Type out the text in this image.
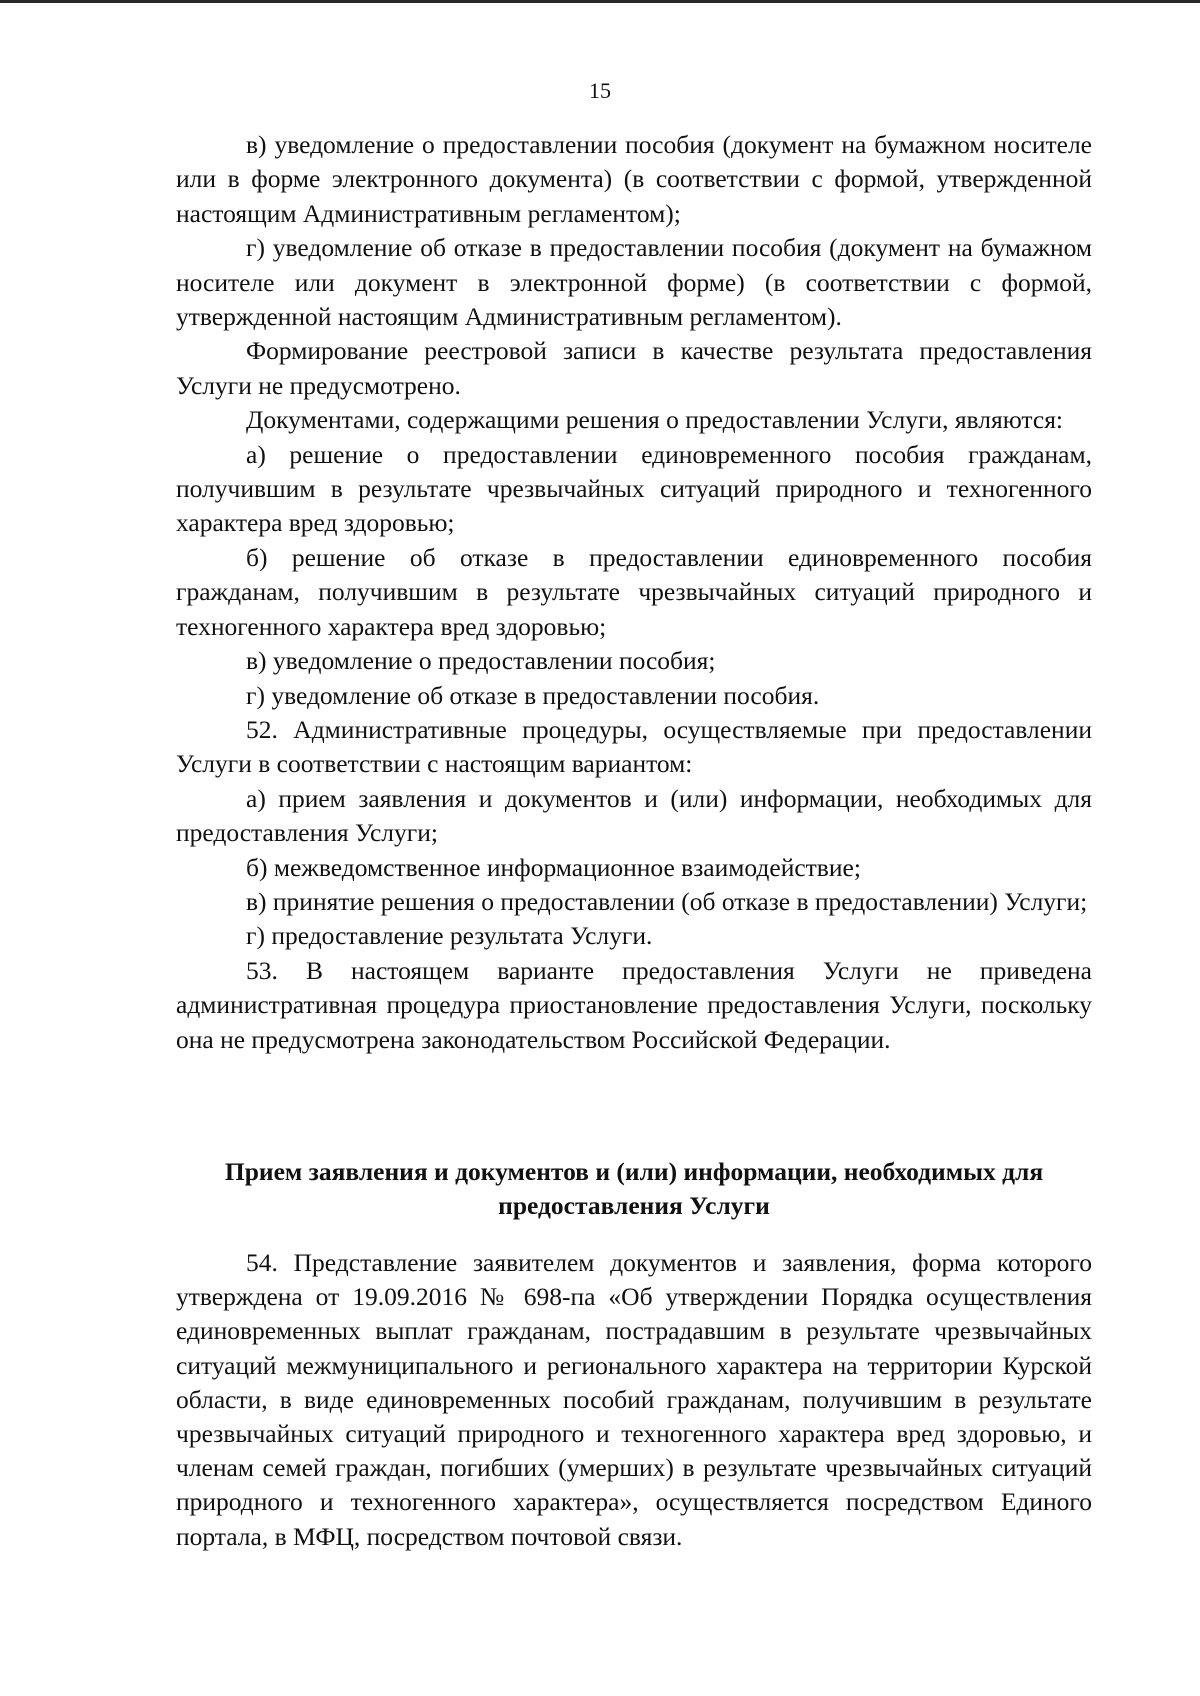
15

в) уведомление о предоставлении пособия (документ на бумажном носителе или в форме электронного документа) (в соответствии с формой, утвержденной настоящим Административным регламентом);

г) уведомление об отказе в предоставлении пособия (документ на бумажном носителе или документ в электронной форме) (в соответствии с формой, утвержденной настоящим Административным регламентом).

Формирование реестровой записи в качестве результата предоставления Услуги не предусмотрено.

Документами, содержащими решения о предоставлении Услуги, являются:

а) решение о предоставлении единовременного пособия гражданам, получившим в результате чрезвычайных ситуаций природного и техногенного характера вред здоровью;

б) решение об отказе в предоставлении единовременного пособия гражданам, получившим в результате чрезвычайных ситуаций природного и техногенного характера вред здоровью;

в) уведомление о предоставлении пособия;

г) уведомление об отказе в предоставлении пособия.

52. Административные процедуры, осуществляемые при предоставлении Услуги в соответствии с настоящим вариантом:

а) прием заявления и документов и (или) информации, необходимых для предоставления Услуги;

б) межведомственное информационное взаимодействие;

в) принятие решения о предоставлении (об отказе в предоставлении) Услуги;

г) предоставление результата Услуги.

53. В настоящем варианте предоставления Услуги не приведена административная процедура приостановление предоставления Услуги, поскольку она не предусмотрена законодательством Российской Федерации.

Прием заявления и документов и (или) информации, необходимых для предоставления Услуги

54. Представление заявителем документов и заявления, форма которого утверждена от 19.09.2016 № 698-па «Об утверждении Порядка осуществления единовременных выплат гражданам, пострадавшим в результате чрезвычайных ситуаций межмуниципального и регионального характера на территории Курской области, в виде единовременных пособий гражданам, получившим в результате чрезвычайных ситуаций природного и техногенного характера вред здоровью, и членам семей граждан, погибших (умерших) в результате чрезвычайных ситуаций природного и техногенного характера», осуществляется посредством Единого портала, в МФЦ, посредством почтовой связи.
